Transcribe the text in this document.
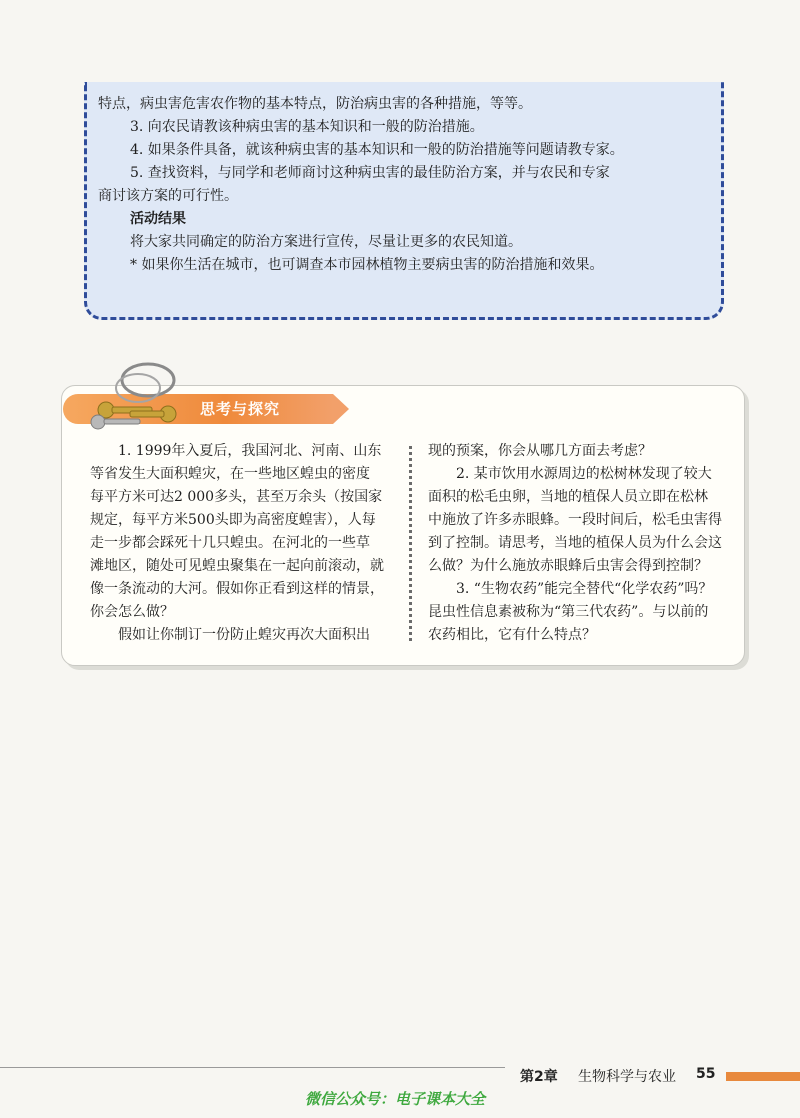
特点，病虫害危害农作物的基本特点，防治病虫害的各种措施，等等。

3. 向农民请教该种病虫害的基本知识和一般的防治措施。

4. 如果条件具备，就该种病虫害的基本知识和一般的防治措施等问题请教专家。

5. 查找资料，与同学和老师商讨这种病虫害的最佳防治方案，并与农民和专家

商讨该方案的可行性。

活动结果

将大家共同确定的防治方案进行宣传，尽量让更多的农民知道。

* 如果你生活在城市，也可调查本市园林植物主要病虫害的防治措施和效果。

思考与探究

1. 1999年入夏后，我国河北、河南、山东

等省发生大面积蝗灾，在一些地区蝗虫的密度

每平方米可达2 000多头，甚至万余头（按国家

规定，每平方米500头即为高密度蝗害），人每

走一步都会踩死十几只蝗虫。在河北的一些草

滩地区，随处可见蝗虫聚集在一起向前滚动，就

像一条流动的大河。假如你正看到这样的情景，

你会怎么做？

假如让你制订一份防止蝗灾再次大面积出

现的预案，你会从哪几方面去考虑？

2. 某市饮用水源周边的松树林发现了较大

面积的松毛虫卵，当地的植保人员立即在松林

中施放了许多赤眼蜂。一段时间后，松毛虫害得

到了控制。请思考，当地的植保人员为什么会这

么做？为什么施放赤眼蜂后虫害会得到控制？

3. “生物农药”能完全替代“化学农药”吗？

昆虫性信息素被称为“第三代农药”。与以前的

农药相比，它有什么特点？

第2章 生物科学与农业 55
微信公众号：电子课本大全
